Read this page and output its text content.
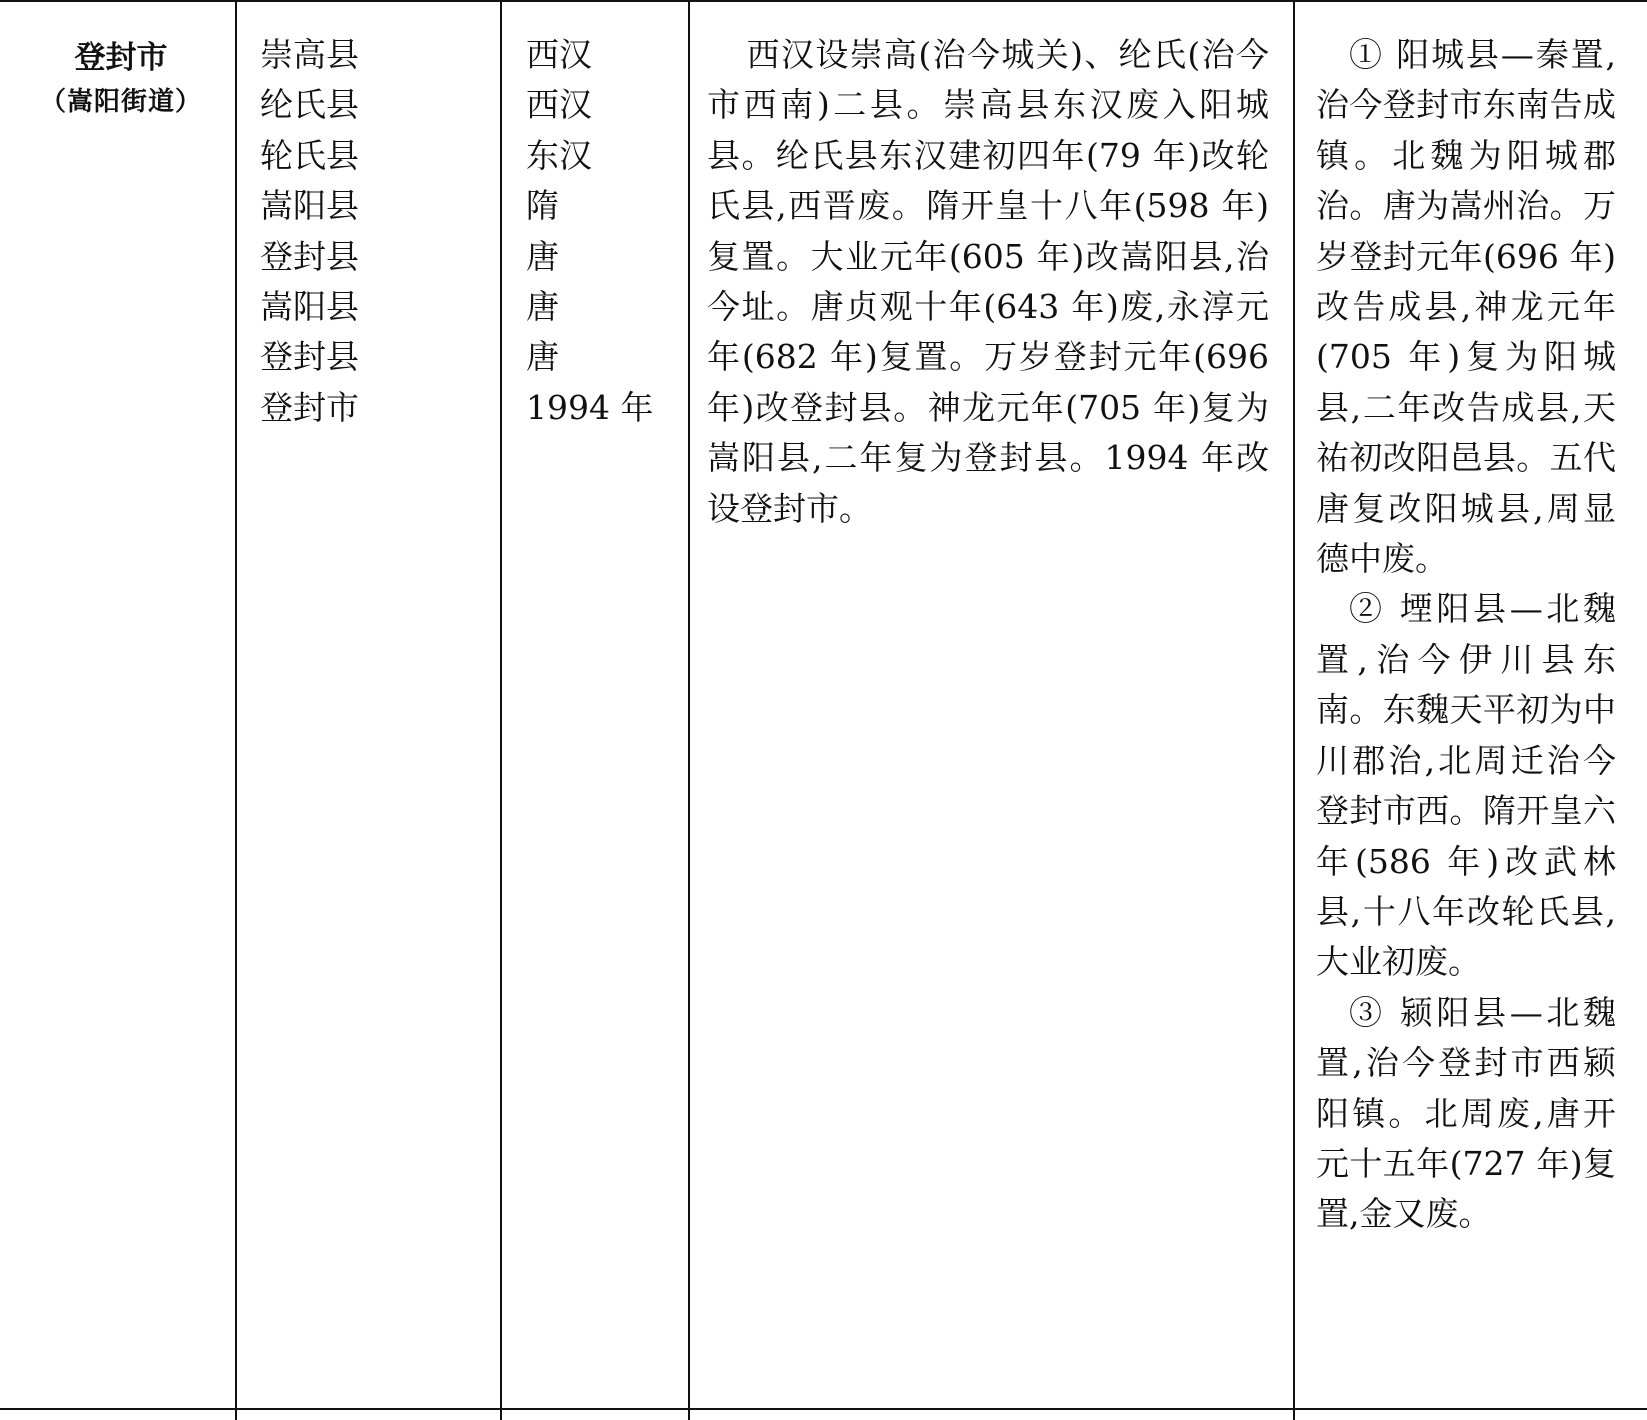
登封市
（嵩阳街道）
崇高县
纶氏县
轮氏县
嵩阳县
登封县
嵩阳县
登封县
登封市
西汉
西汉
东汉
隋
唐
唐
唐
1994 年
西汉设崇高(治今城关)、纶氏(治今市西南)二县。崇高县东汉废入阳城县。纶氏县东汉建初四年(79 年)改轮氏县,西晋废。隋开皇十八年(598 年)复置。大业元年(605 年)改嵩阳县,治今址。唐贞观十年(643 年)废,永淳元年(682 年)复置。万岁登封元年(696 年)改登封县。神龙元年(705 年)复为嵩阳县,二年复为登封县。1994 年改设登封市。
① 阳城县—秦置,治今登封市东南告成镇。北魏为阳城郡治。唐为嵩州治。万岁登封元年(696 年)改告成县,神龙元年(705 年)复为阳城县,二年改告成县,天祐初改阳邑县。五代唐复改阳城县,周显德中废。
② 堙阳县—北魏置,治今伊川县东南。东魏天平初为中川郡治,北周迁治今登封市西。隋开皇六年(586 年)改武林县,十八年改轮氏县,大业初废。
③ 颍阳县—北魏置,治今登封市西颍阳镇。北周废,唐开元十五年(727 年)复置,金又废。
